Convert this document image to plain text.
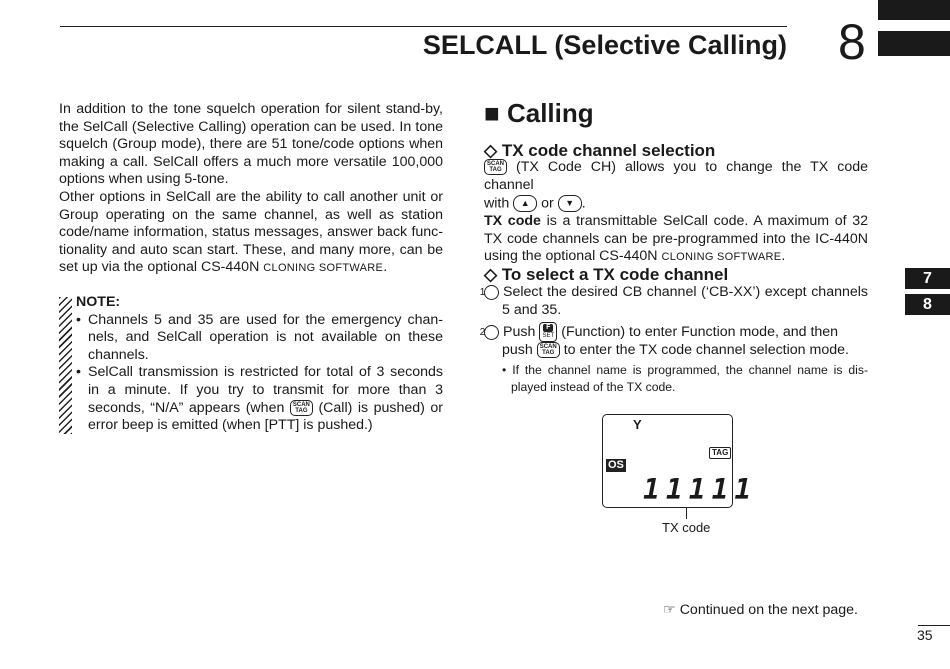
SELCALL (Selective Calling) 8
7
8
In addition to the tone squelch operation for silent stand-by, the SelCall (Selective Calling) operation can be used. In tone squelch (Group mode), there are 51 tone/code options when making a call. SelCall offers a much more versatile 100,000 options when using 5-tone.
Other options in SelCall are the ability to call another unit or Group operating on the same channel, as well as station code/name information, status messages, answer back func-tionality and auto scan start. These, and many more, can be set up via the optional CS-440N CLONING SOFTWARE.
NOTE:
• Channels 5 and 35 are used for the emergency chan-nels, and SelCall operation is not available on these channels.
• SelCall transmission is restricted for total of 3 seconds in a minute. If you try to transmit for more than 3 seconds, “N/A” appears (when SCAN
TAG (Call) is pushed) or error beep is emitted (when [PTT] is pushed.)
■ Calling
◇ TX code channel selection
SCAN
TAG (TX Code CH) allows you to change the TX code channel
with ▲ or ▼ .
TX code is a transmittable SelCall code. A maximum of 32 TX code channels can be pre-programmed into the IC-440N using the optional CS-440N CLONING SOFTWARE.
◇ To select a TX code channel
1 Select the desired CB channel (‘CB-XX’) except channels 5 and 35.
2 Push	F
SET (Function) to enter Function mode, and then
push SCAN
TAG to enter the TX code channel selection mode.
• If the channel name is programmed, the channel name is dis-played instead of the TX code.
Y
TAG
OS
11111
TX code
☞ Continued on the next page.
35
